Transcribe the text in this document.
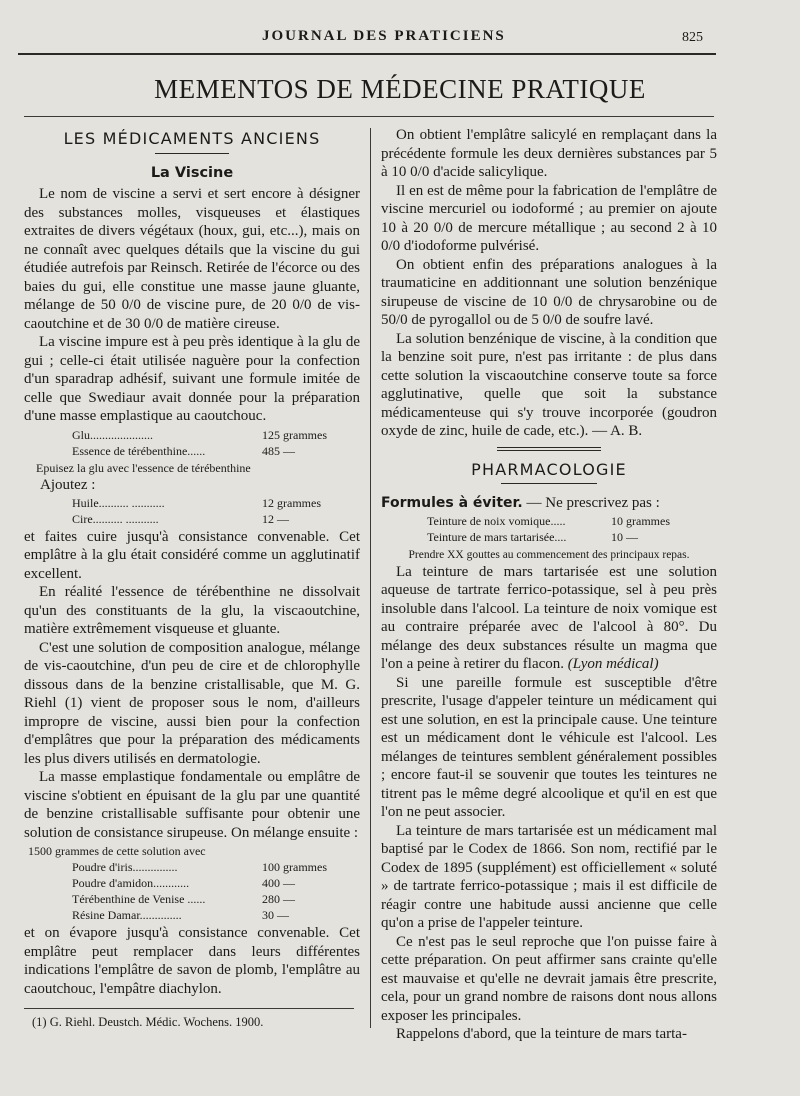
JOURNAL DES PRATICIENS	825
MEMENTOS DE MÉDECINE PRATIQUE
LES MÉDICAMENTS ANCIENS
La Viscine

Le nom de viscine a servi et sert encore à désigner des substances molles, visqueuses et élastiques extraites de divers végétaux (houx, gui, etc...), mais on ne connaît avec quelques détails que la viscine du gui étudiée autrefois par Reinsch. Retirée de l'écorce ou des baies du gui, elle constitue une masse jaune gluante, mélange de 50 0/0 de viscine pure, de 20 0/0 de vis-caoutchine et de 30 0/0 de matière cireuse.

La viscine impure est à peu près identique à la glu de gui ; celle-ci était utilisée naguère pour la confection d'un sparadrap adhésif, suivant une formule imitée de celle que Swediaur avait donnée pour la préparation d'une masse emplastique au caoutchouc.

Glu.....................	125 grammes
Essence de térébenthine......	485 —
Epuisez la glu avec l'essence de térébenthine
Ajoutez :
Huile.......... ...........	12 grammes
Cire.......... ...........	12 —

et faites cuire jusqu'à consistance convenable. Cet emplâtre à la glu était considéré comme un agglutinatif excellent.

En réalité l'essence de térébenthine ne dissolvait qu'un des constituants de la glu, la viscaoutchine, matière extrêmement visqueuse et gluante.

C'est une solution de composition analogue, mélange de vis-caoutchine, d'un peu de cire et de chlorophylle dissous dans de la benzine cristallisable, que M. G. Riehl (1) vient de proposer sous le nom, d'ailleurs impropre de viscine, aussi bien pour la confection d'emplâtres que pour la préparation des médicaments les plus divers utilisés en dermatologie.

La masse emplastique fondamentale ou emplâtre de viscine s'obtient en épuisant de la glu par une quantité de benzine cristallisable suffisante pour obtenir une solution de consistance sirupeuse. On mélange ensuite :

1500 grammes de cette solution avec
Poudre d'iris...............	100 grammes
Poudre d'amidon............	400 —
Térébenthine de Venise ......	280 —
Résine Damar..............	30 —

et on évapore jusqu'à consistance convenable. Cet emplâtre peut remplacer dans leurs différentes indications l'emplâtre de savon de plomb, l'emplâtre au caoutchouc, l'empâtre diachylon.

(1) G. Riehl. Deustch. Médic. Wochens. 1900.

On obtient l'emplâtre salicylé en remplaçant dans la précédente formule les deux dernières substances par 5 à 10 0/0 d'acide salicylique.

Il en est de même pour la fabrication de l'emplâtre de viscine mercuriel ou iodoformé ; au premier on ajoute 10 à 20 0/0 de mercure métallique ; au second 2 à 10 0/0 d'iodoforme pulvérisé.

On obtient enfin des préparations analogues à la traumaticine en additionnant une solution benzénique sirupeuse de viscine de 10 0/0 de chrysarobine ou de 50/0 de pyrogallol ou de 5 0/0 de soufre lavé.

La solution benzénique de viscine, à la condition que la benzine soit pure, n'est pas irritante : de plus dans cette solution la viscaoutchine conserve toute sa force agglutinative, quelle que soit la substance médicamenteuse qui s'y trouve incorporée (goudron oxyde de zinc, huile de cade, etc.). — A. B.

PHARMACOLOGIE
Formules à éviter. — Ne prescrivez pas :
Teinture de noix vomique.....	10 grammes
Teinture de mars tartarisée....	10 —
Prendre XX gouttes au commencement des principaux repas.

La teinture de mars tartarisée est une solution aqueuse de tartrate ferrico-potassique, sel à peu près insoluble dans l'alcool. La teinture de noix vomique est au contraire préparée avec de l'alcool à 80°. Du mélange des deux substances résulte un magma que l'on a peine à retirer du flacon. (Lyon médical)

Si une pareille formule est susceptible d'être prescrite, l'usage d'appeler teinture un médicament qui est une solution, en est la principale cause. Une teinture est un médicament dont le véhicule est l'alcool. Les mélanges de teintures semblent généralement possibles ; encore faut-il se souvenir que toutes les teintures ne titrent pas le même degré alcoolique et qu'il en est que l'on ne peut associer.

La teinture de mars tartarisée est un médicament mal baptisé par le Codex de 1866. Son nom, rectifié par le Codex de 1895 (supplément) est officiellement « soluté » de tartrate ferrico-potassique ; mais il est difficile de réagir contre une habitude aussi ancienne que celle qu'on a prise de l'appeler teinture.

Ce n'est pas le seul reproche que l'on puisse faire à cette préparation. On peut affirmer sans crainte qu'elle est mauvaise et qu'elle ne devrait jamais être prescrite, cela, pour un grand nombre de raisons dont nous allons exposer les principales.

Rappelons d'abord, que la teinture de mars tarta-
